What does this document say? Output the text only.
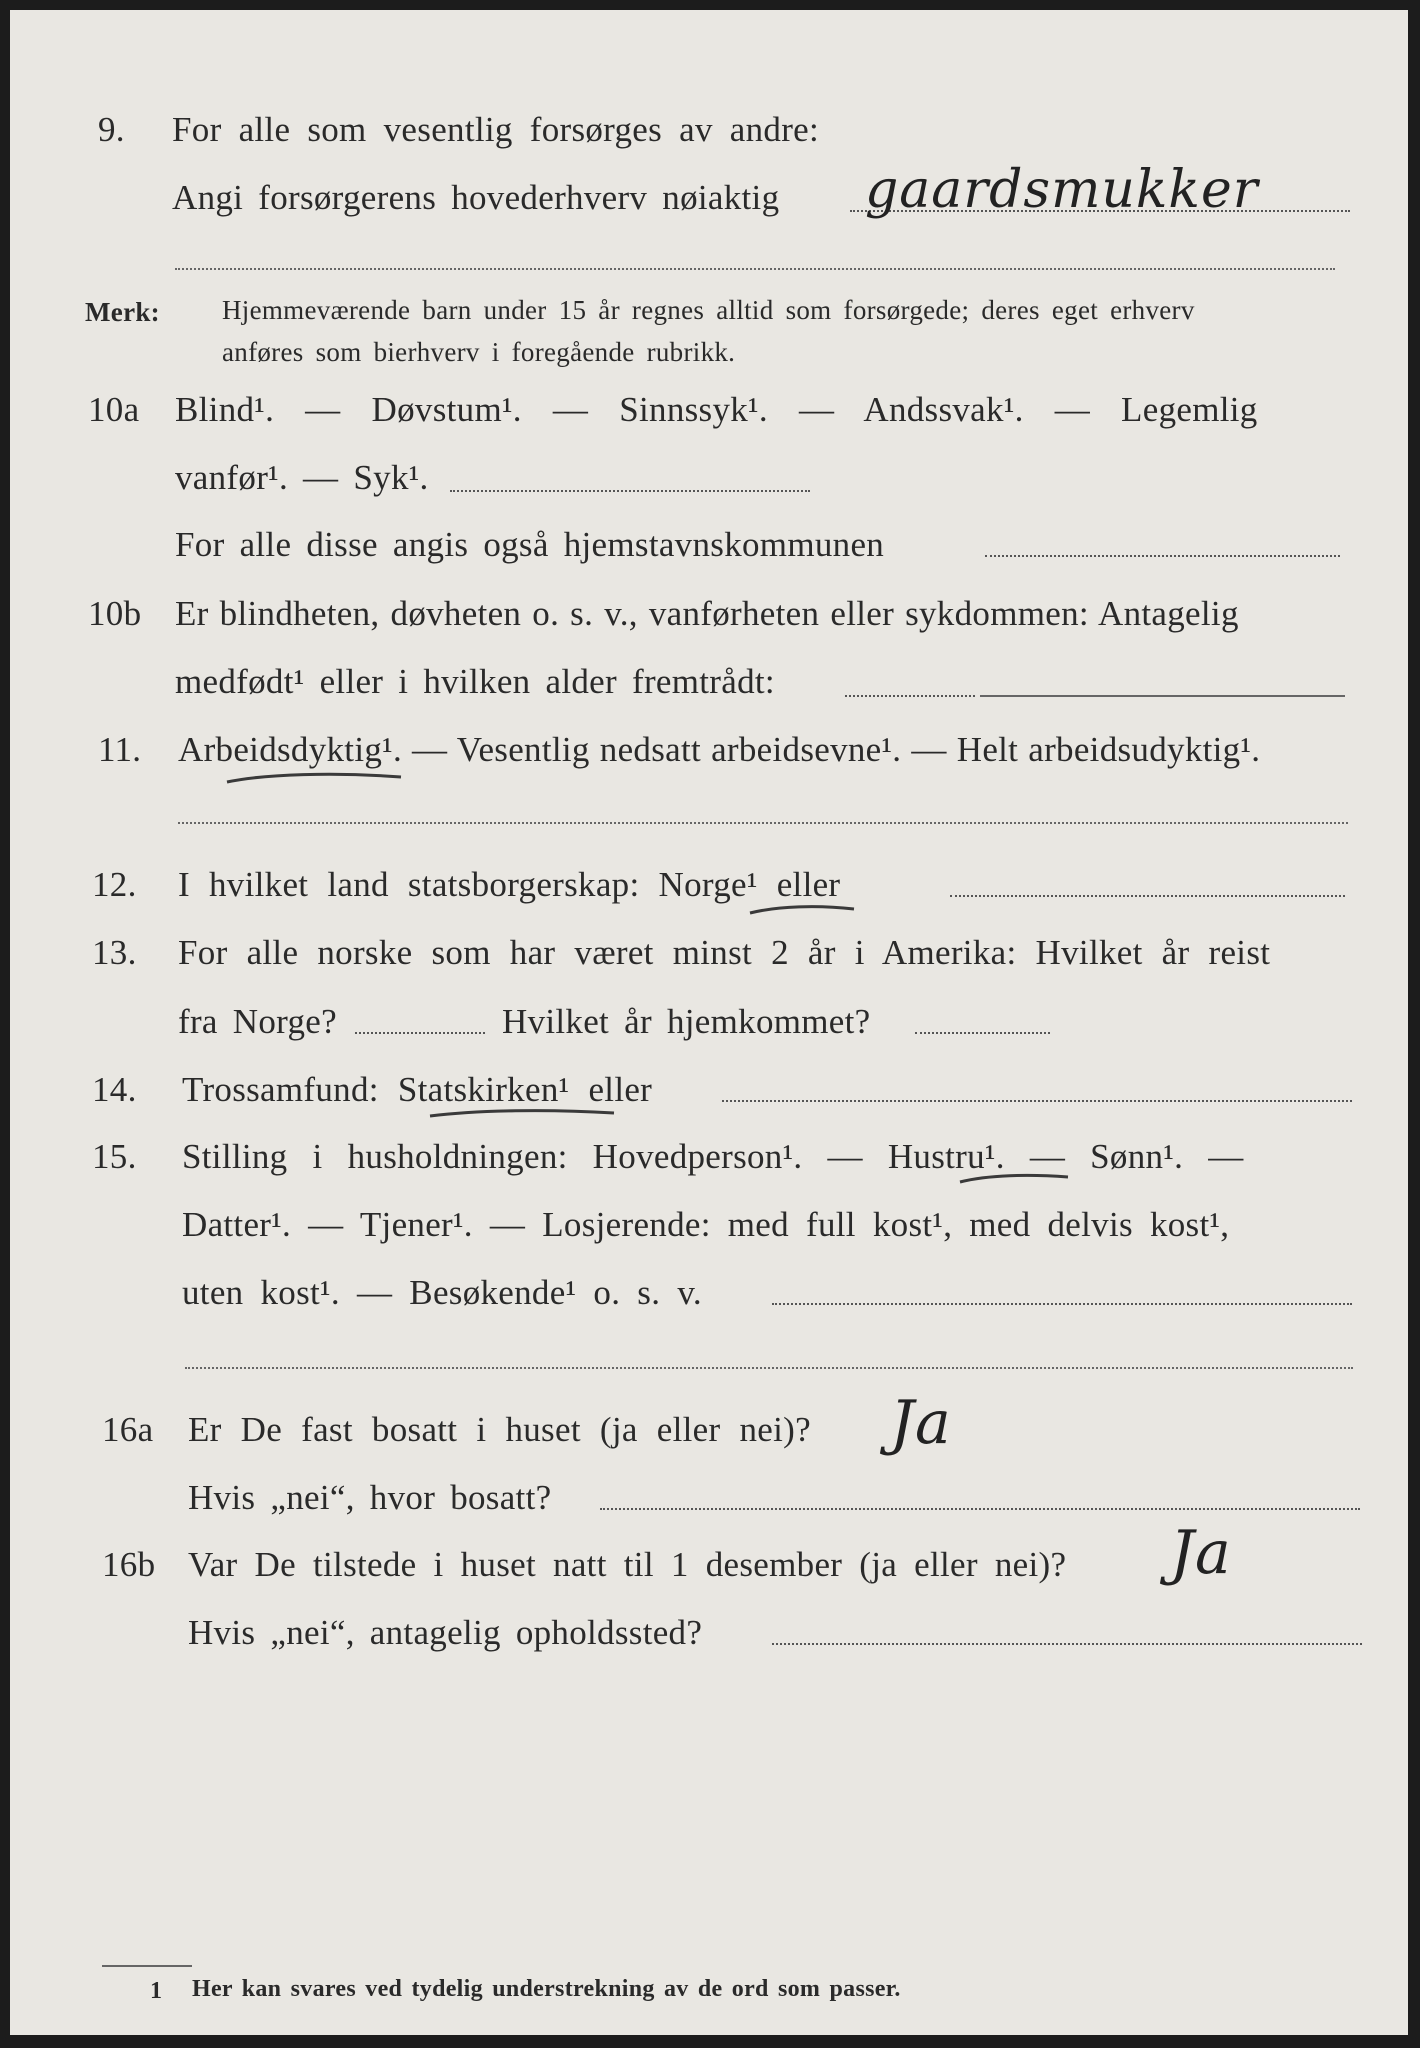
9. For alle som vesentlig forsørges av andre:
Angi forsørgerens hovederhverv nøiaktig gaardsmukker
Merk: Hjemmeværende barn under 15 år regnes alltid som forsørgede; deres eget erhverv
anføres som bierhverv i foregående rubrikk.
10a Blind¹. — Døvstum¹. — Sinnssyk¹. — Andssvak¹. — Legemlig
vanfør¹. — Syk¹.
For alle disse angis også hjemstavnskommunen
10b Er blindheten, døvheten o. s. v., vanførheten eller sykdommen: Antagelig
medfødt¹ eller i hvilken alder fremtrådt:
11. Arbeidsdyktig¹. — Vesentlig nedsatt arbeidsevne¹. — Helt arbeidsudyktig¹.
12. I hvilket land statsborgerskap: Norge¹ eller
13. For alle norske som har været minst 2 år i Amerika: Hvilket år reist
fra Norge?	Hvilket år hjemkommet?
14. Trossamfund: Statskirken¹ eller
15. Stilling i husholdningen: Hovedperson¹. — Hustru¹. — Sønn¹. —
Datter¹. — Tjener¹. — Losjerende: med full kost¹, med delvis kost¹,
uten kost¹. — Besøkende¹ o. s. v.
16a Er De fast bosatt i huset (ja eller nei)? Ja
Hvis „nei“, hvor bosatt?
16b Var De tilstede i huset natt til 1 desember (ja eller nei)? Ja
Hvis „nei“, antagelig opholdssted?
1 Her kan svares ved tydelig understrekning av de ord som passer.
